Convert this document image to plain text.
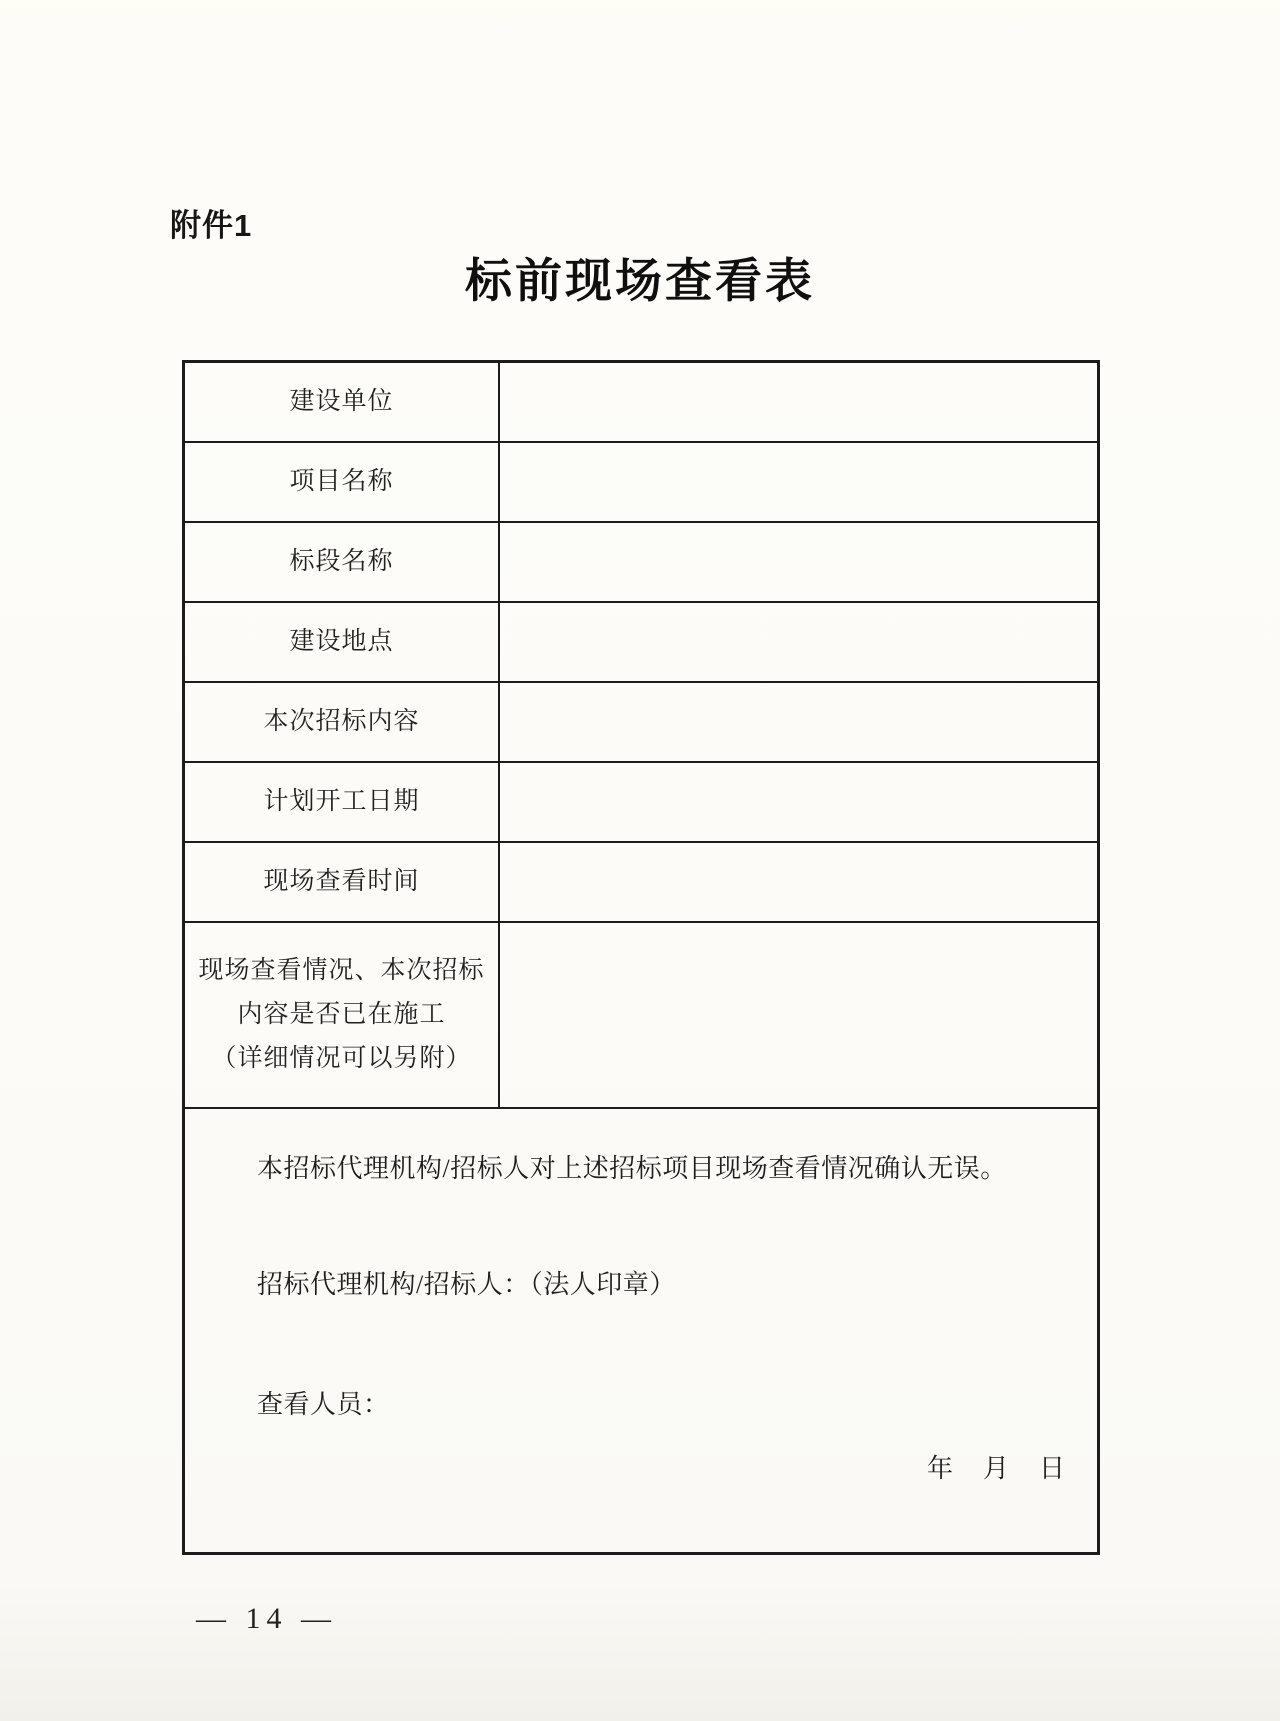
附件1
标前现场查看表
建设单位
项目名称
标段名称
建设地点
本次招标内容
计划开工日期
现场查看时间
现场查看情况、本次招标
内容是否已在施工
（详细情况可以另附）
本招标代理机构/招标人对上述招标项目现场查看情况确认无误。
招标代理机构/招标人：（法人印章）
查看人员：
年　月　日
— 14 —
